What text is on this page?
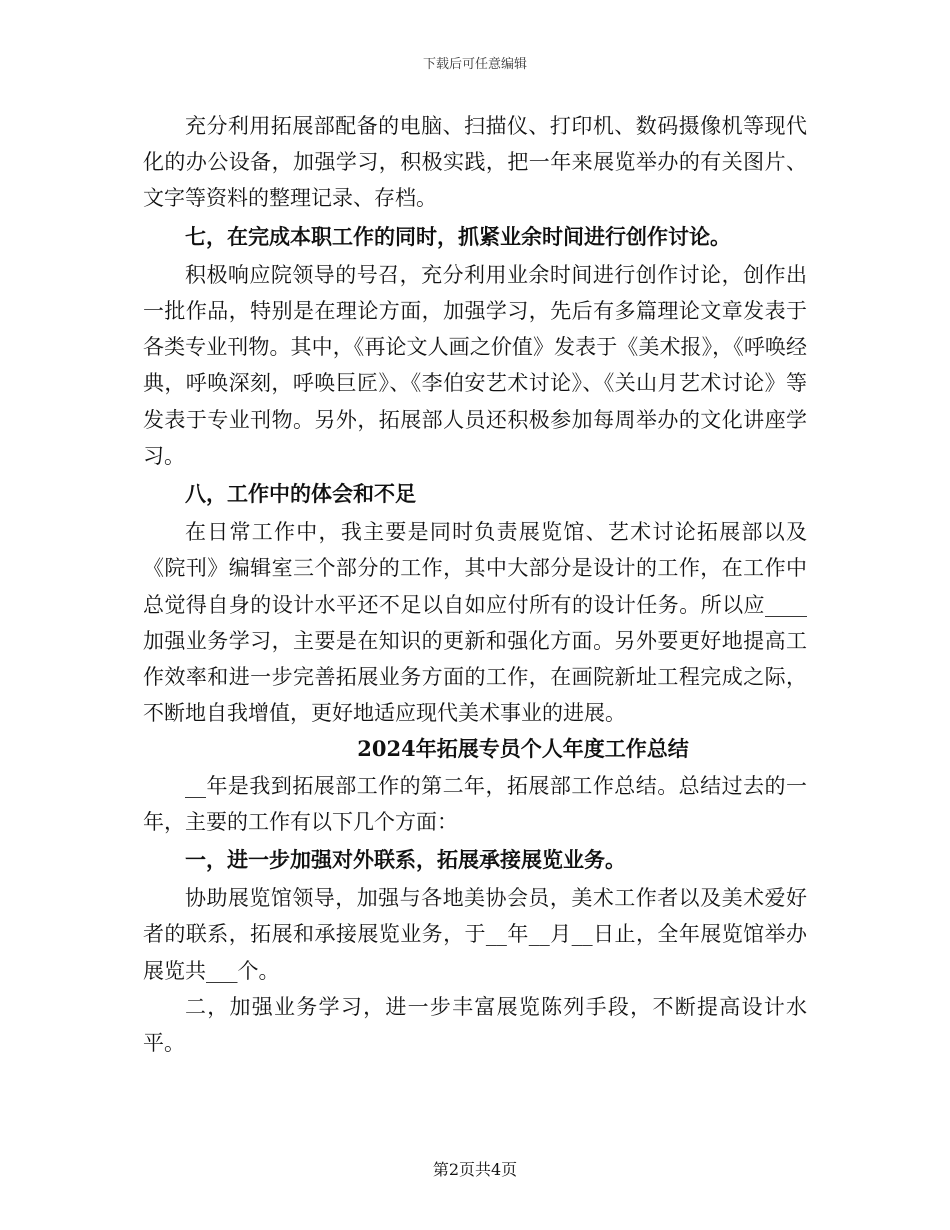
下载后可任意编辑

充分利用拓展部配备的电脑、扫描仪、打印机、数码摄像机等现代化的办公设备，加强学习，积极实践，把一年来展览举办的有关图片、文字等资料的整理记录、存档。

七，在完成本职工作的同时，抓紧业余时间进行创作讨论。

积极响应院领导的号召，充分利用业余时间进行创作讨论，创作出一批作品，特别是在理论方面，加强学习，先后有多篇理论文章发表于各类专业刊物。其中，《再论文人画之价值》发表于《美术报》，《呼唤经典，呼唤深刻，呼唤巨匠》、《李伯安艺术讨论》、《关山月艺术讨论》等发表于专业刊物。另外，拓展部人员还积极参加每周举办的文化讲座学习。

八，工作中的体会和不足

在日常工作中，我主要是同时负责展览馆、艺术讨论拓展部以及《院刊》编辑室三个部分的工作，其中大部分是设计的工作，在工作中总觉得自身的设计水平还不足以自如应付所有的设计任务。所以应____加强业务学习，主要是在知识的更新和强化方面。另外要更好地提高工作效率和进一步完善拓展业务方面的工作，在画院新址工程完成之际，不断地自我增值，更好地适应现代美术事业的进展。

2024年拓展专员个人年度工作总结

__年是我到拓展部工作的第二年，拓展部工作总结。总结过去的一年，主要的工作有以下几个方面：

一，进一步加强对外联系，拓展承接展览业务。

协助展览馆领导，加强与各地美协会员，美术工作者以及美术爱好者的联系，拓展和承接展览业务，于__年__月__日止，全年展览馆举办展览共___个。

二，加强业务学习，进一步丰富展览陈列手段，不断提高设计水平。

第2页共4页
